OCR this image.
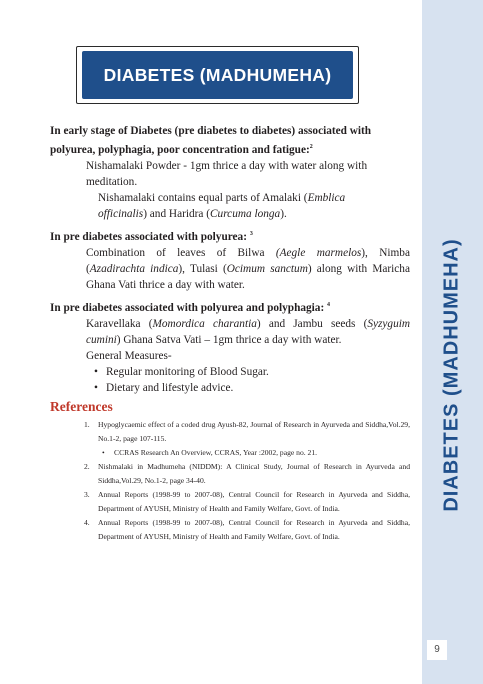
DIABETES (MADHUMEHA)
9
DIABETES (MADHUMEHA)
In early stage of Diabetes (pre diabetes to diabetes) associated with polyurea, polyphagia, poor concentration and fatigue:$^2$
Nishamalaki Powder - 1gm thrice a day with water along with meditation.
Nishamalaki contains equal parts of Amalaki (Emblica officinalis) and Haridra (Curcuma longa).
In pre diabetes associated with polyurea: $^3$
Combination of leaves of Bilwa (Aegle marmelos), Nimba (Azadirachta indica), Tulasi (Ocimum sanctum) along with Maricha Ghana Vati thrice a day with water.
In pre diabetes associated with polyurea and polyphagia: $^4$
Karavellaka (Momordica charantia) and Jambu seeds (Syzyguim cumini) Ghana Satva Vati – 1gm thrice a day with water.
General Measures-
• Regular monitoring of Blood Sugar.
• Dietary and lifestyle advice.
References
1.	Hypoglycaemic effect of a coded drug Ayush-82, Journal of Research in Ayurveda and Siddha,Vol.29, No.1-2, page 107-115.
• CCRAS Research An Overview, CCRAS, Year :2002, page no. 21.
2.	Nishmalaki in Madhumeha (NIDDM): A Clinical Study, Journal of Research in Ayurveda and Siddha,Vol.29, No.1-2, page 34-40.
3.	Annual Reports (1998-99 to 2007-08), Central Council for Research in Ayurveda and Siddha, Department of AYUSH, Ministry of Health and Family Welfare, Govt. of India.
4.	Annual Reports (1998-99 to 2007-08), Central Council for Research in Ayurveda and Siddha, Department of AYUSH, Ministry of Health and Family Welfare, Govt. of India.
